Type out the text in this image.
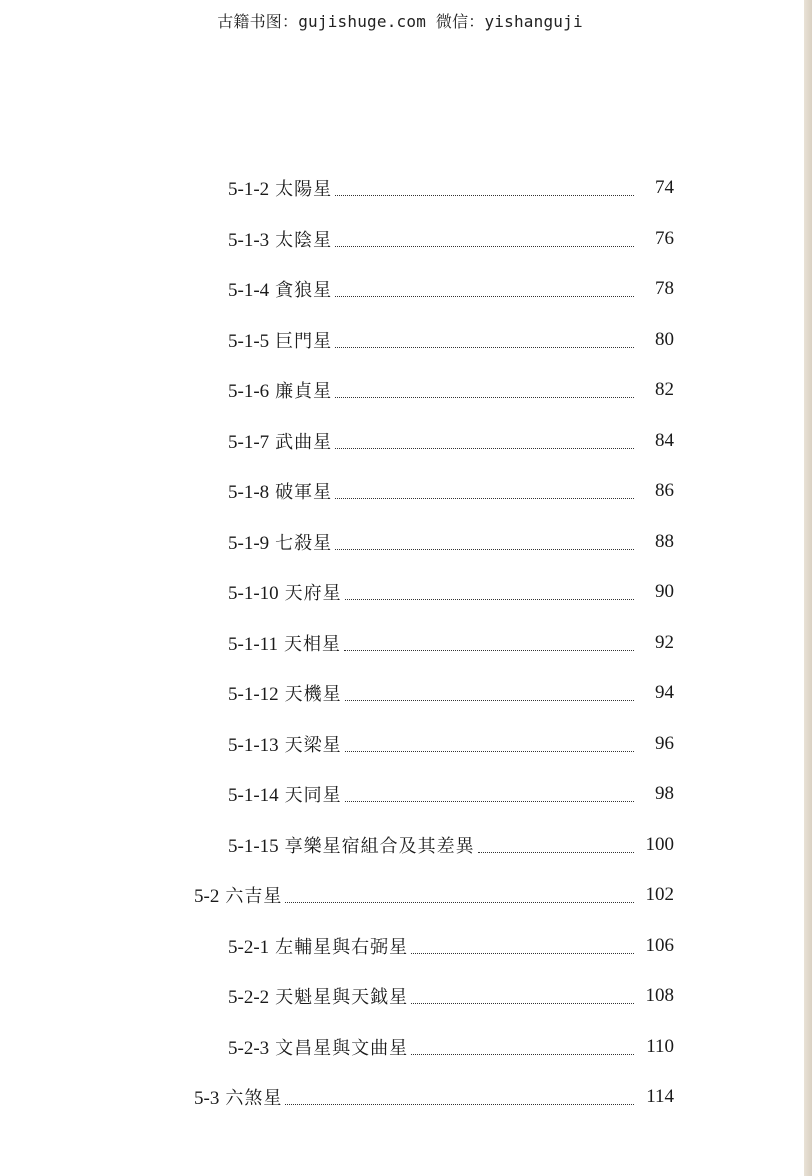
古籍书图：gujishuge.com 微信：yishanguji
5-1-2 太陽星	74
5-1-3 太陰星	76
5-1-4 貪狼星	78
5-1-5 巨門星	80
5-1-6 廉貞星	82
5-1-7 武曲星	84
5-1-8 破軍星	86
5-1-9 七殺星	88
5-1-10 天府星	90
5-1-11 天相星	92
5-1-12 天機星	94
5-1-13 天梁星	96
5-1-14 天同星	98
5-1-15 享樂星宿組合及其差異	100
5-2 六吉星	102
5-2-1 左輔星與右弼星	106
5-2-2 天魁星與天鉞星	108
5-2-3 文昌星與文曲星	110
5-3 六煞星	114
